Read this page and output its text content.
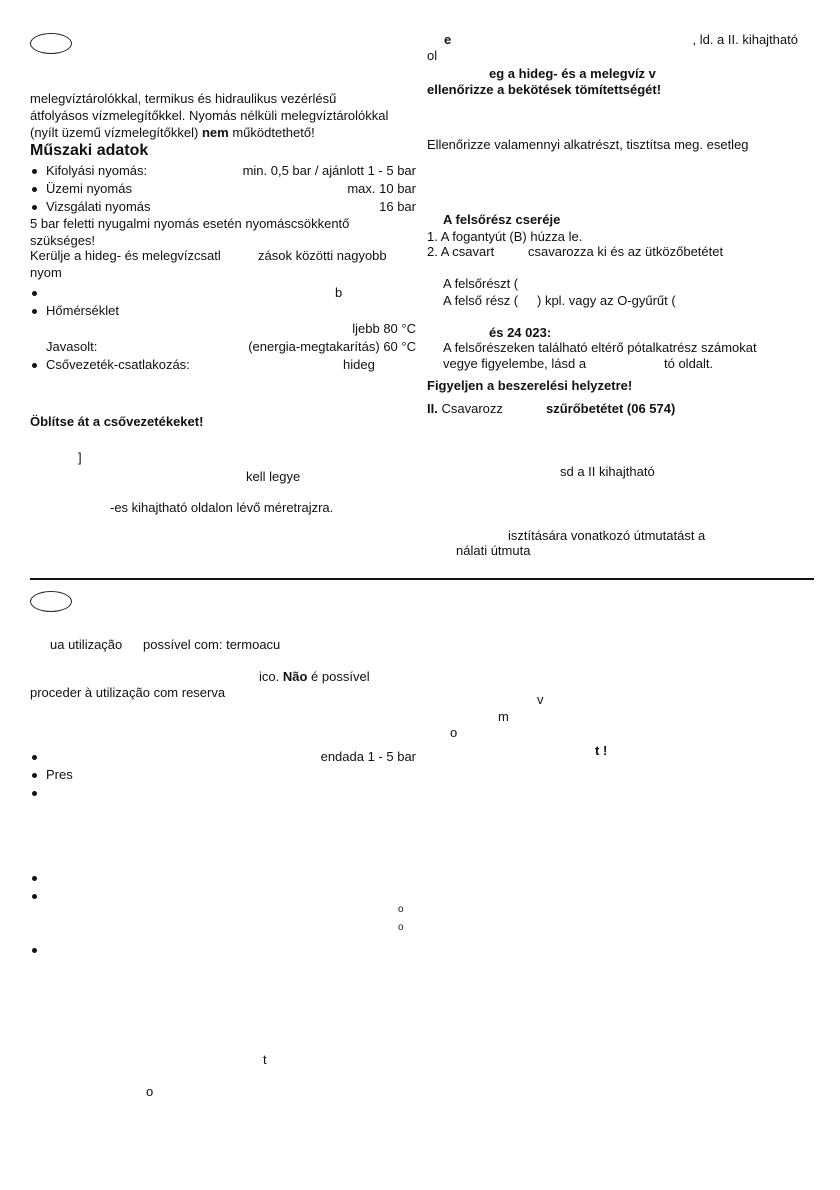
melegvíztárolókkal, termikus és hidraulikus vezérlésű
átfolyásos vízmelegítőkkel. Nyomás nélküli melegvíztárolókkal
(nyílt üzemű vízmelegítőkkel) nem működtethető!
Műszaki adatok
Kifolyási nyomás:	min. 0,5 bar / ajánlott 1 - 5 bar
Üzemi nyomás	max. 10 bar
Vizsgálati nyomás	16 bar
5 bar feletti nyugalmi nyomás esetén nyomáscsökkentő
szükséges!
Kerülje a hideg- és melegvízcsatl	zások közötti nagyobb
nyom
b
Hőmérséklet
ljebb 80 °C
Javasolt:	(energia-megtakarítás) 60 °C
Csővezeték-csatlakozás:	hideg
Öblítse át a csővezetékeket!
]
kell legye
-es kihajtható oldalon lévő méretrajzra.
e	, ld. a II. kihajtható
ol
eg a hideg- és a melegvíz v
ellenőrizze a bekötések tömítettségét!
Ellenőrizze valamennyi alkatrészt, tisztítsa meg. esetleg
A felsőrész cseréje
1. A fogantyút (B) húzza le.
2. A csavart	csavarozza ki és az ütközőbetétet
A felsőrészt (
A felső rész ( ) kpl. vagy az O-gyűrűt (
és 24 023:
A felsőrészeken található eltérő pótalkatrész számokat
vegye figyelembe, lásd a	tó oldalt.
Figyeljen a beszerelési helyzetre!
II. Csavarozz	szűrőbetétet (06 574)
sd a II kihajtható
isztítására vonatkozó útmutatást a
nálati útmuta
ua utilização possível com: termoacu
ico. Não é possível
proceder à utilização com reserva
endada 1 - 5 bar
Pres
o
o
t
o
v
m
o
t !
